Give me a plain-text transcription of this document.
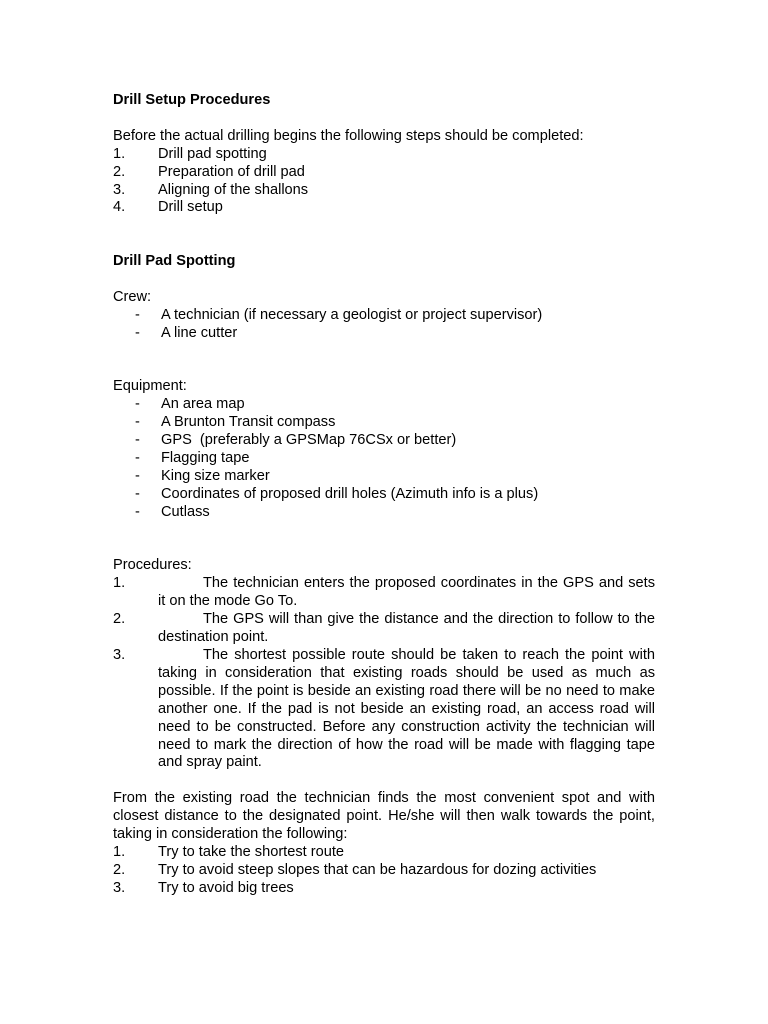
Drill Setup Procedures

Before the actual drilling begins the following steps should be completed:

1.	Drill pad spotting
2.	Preparation of drill pad
3.	Aligning of the shallons
4.	Drill setup

Drill Pad Spotting

Crew:

-	A technician (if necessary a geologist or project supervisor)
-	A line cutter

Equipment:

-	An area map
-	A Brunton Transit compass
-	GPS  (preferably a GPSMap 76CSx or better)
-	Flagging tape
-	King size marker
-	Coordinates of proposed drill holes (Azimuth info is a plus)
-	Cutlass

Procedures:

1.	The technician enters the proposed coordinates in the GPS and sets it on the mode Go To.
2.	The GPS will than give the distance and the direction to follow to the destination point.
3.	The shortest possible route should be taken to reach the point with taking in consideration that existing roads should be used as much as possible. If the point is beside an existing road there will be no need to make another one. If the pad is not beside an existing road, an access road will need to be constructed. Before any construction activity the technician will need to mark the direction of how the road will be made with flagging tape and spray paint.

From the existing road the technician finds the most convenient spot and with closest distance to the designated point. He/she will then walk towards the point, taking in consideration the following:

1.	Try to take the shortest route
2.	Try to avoid steep slopes that can be hazardous for dozing activities
3.	Try to avoid big trees
